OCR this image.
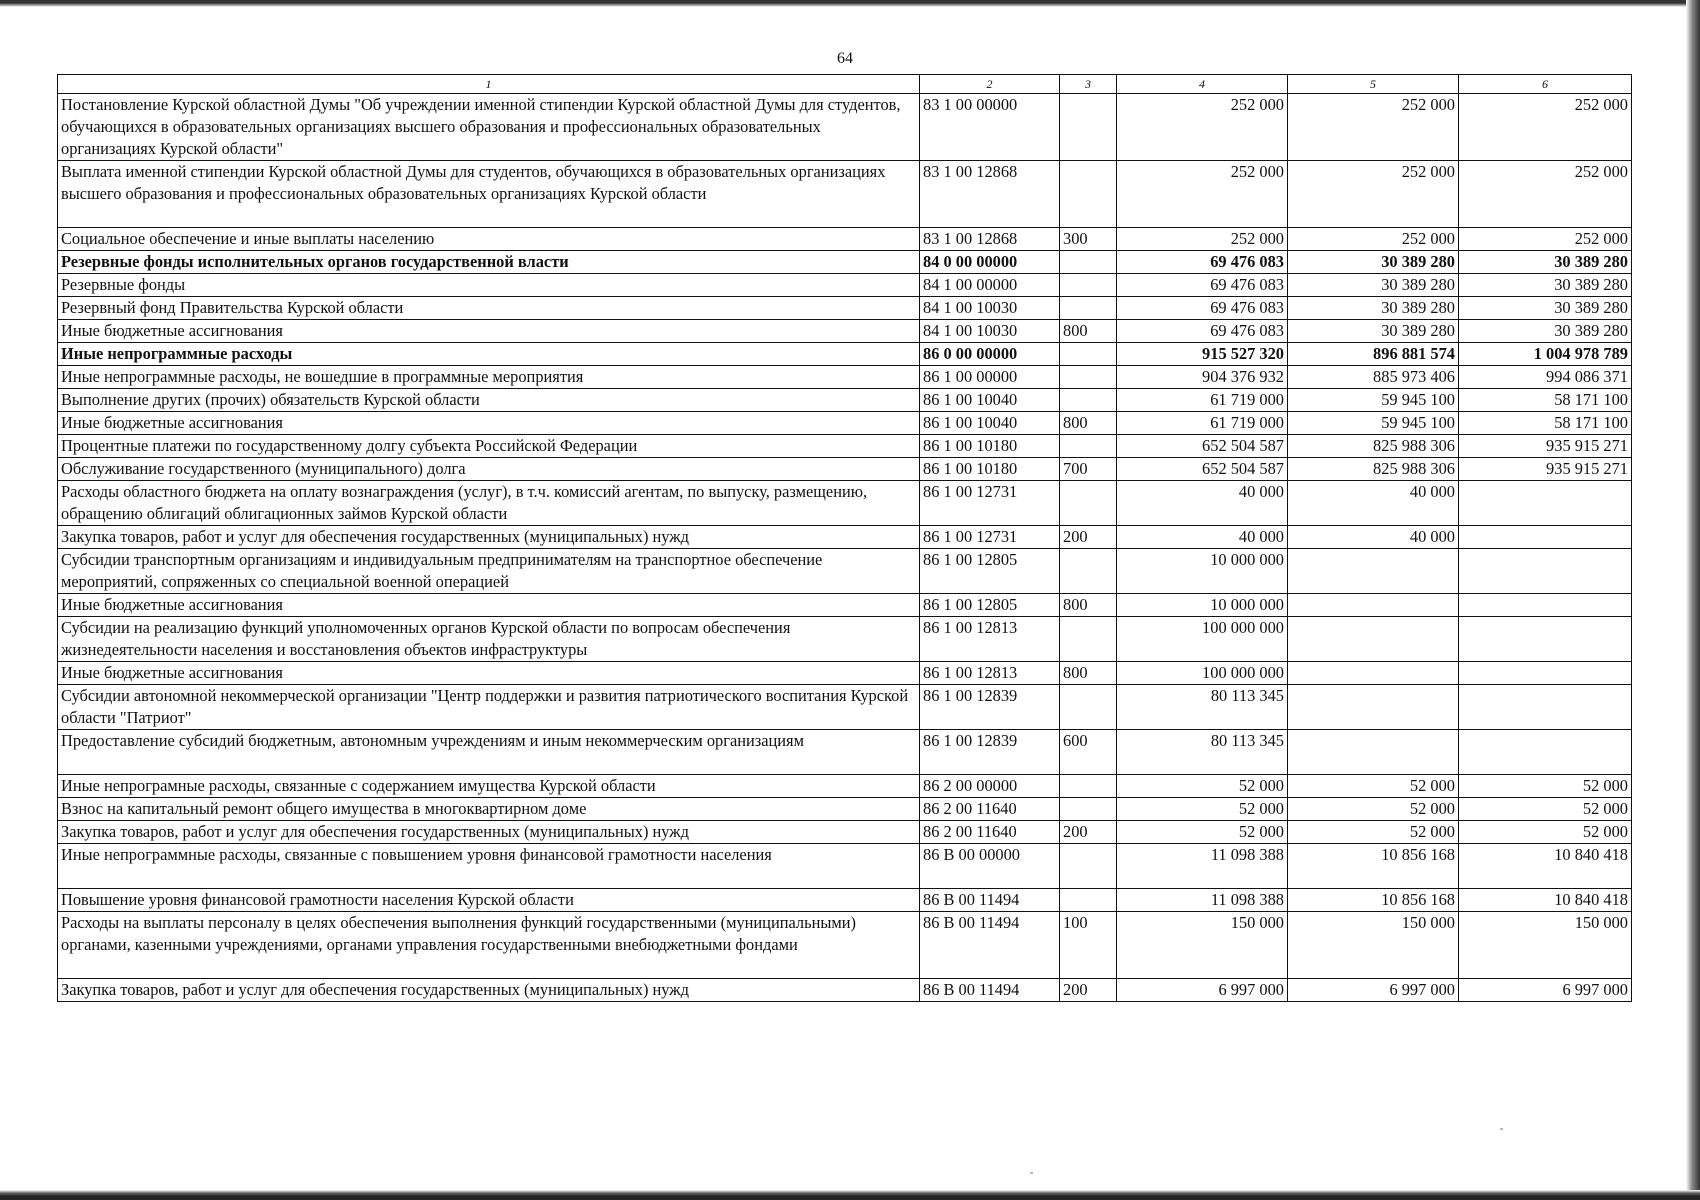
64
1	2	3	4	5	6
Постановление Курской областной Думы "Об учреждении именной стипендии Курской областной Думы для студентов, обучающихся в образовательных организациях высшего образования и профессиональных образовательных организациях Курской области"	83 1 00 00000		252 000	252 000	252 000
Выплата именной стипендии Курской областной Думы для студентов, обучающихся в образовательных организациях высшего образования и профессиональных образовательных организациях Курской области	83 1 00 12868		252 000	252 000	252 000
Социальное обеспечение и иные выплаты населению	83 1 00 12868	300	252 000	252 000	252 000
Резервные фонды исполнительных органов государственной власти	84 0 00 00000		69 476 083	30 389 280	30 389 280
Резервные фонды	84 1 00 00000		69 476 083	30 389 280	30 389 280
Резервный фонд Правительства Курской области	84 1 00 10030		69 476 083	30 389 280	30 389 280
Иные бюджетные ассигнования	84 1 00 10030	800	69 476 083	30 389 280	30 389 280
Иные непрограммные расходы	86 0 00 00000		915 527 320	896 881 574	1 004 978 789
Иные непрограммные расходы, не вошедшие в программные мероприятия	86 1 00 00000		904 376 932	885 973 406	994 086 371
Выполнение других (прочих) обязательств Курской области	86 1 00 10040		61 719 000	59 945 100	58 171 100
Иные бюджетные ассигнования	86 1 00 10040	800	61 719 000	59 945 100	58 171 100
Процентные платежи по государственному долгу субъекта Российской Федерации	86 1 00 10180		652 504 587	825 988 306	935 915 271
Обслуживание государственного (муниципального) долга	86 1 00 10180	700	652 504 587	825 988 306	935 915 271
Расходы областного бюджета на оплату вознаграждения (услуг), в т.ч. комиссий агентам, по выпуску, размещению, обращению облигаций облигационных займов Курской области	86 1 00 12731		40 000	40 000	
Закупка товаров, работ и услуг для обеспечения государственных (муниципальных) нужд	86 1 00 12731	200	40 000	40 000	
Субсидии транспортным организациям и индивидуальным предпринимателям на транспортное обеспечение мероприятий, сопряженных со специальной военной операцией	86 1 00 12805		10 000 000		
Иные бюджетные ассигнования	86 1 00 12805	800	10 000 000		
Субсидии на реализацию функций уполномоченных органов Курской области по вопросам обеспечения жизнедеятельности населения и восстановления объектов инфраструктуры	86 1 00 12813		100 000 000		
Иные бюджетные ассигнования	86 1 00 12813	800	100 000 000		
Субсидии автономной некоммерческой организации "Центр поддержки и развития патриотического воспитания Курской области "Патриот"	86 1 00 12839		80 113 345		
Предоставление субсидий бюджетным, автономным учреждениям и иным некоммерческим организациям	86 1 00 12839	600	80 113 345		
Иные непрограмные расходы, связанные с содержанием имущества Курской области	86 2 00 00000		52 000	52 000	52 000
Взнос на капитальный ремонт общего имущества в многоквартирном доме	86 2 00 11640		52 000	52 000	52 000
Закупка товаров, работ и услуг для обеспечения государственных (муниципальных) нужд	86 2 00 11640	200	52 000	52 000	52 000
Иные непрограммные расходы, связанные с повышением уровня финансовой грамотности населения	86 В 00 00000		11 098 388	10 856 168	10 840 418
Повышение уровня финансовой грамотности населения Курской области	86 В 00 11494		11 098 388	10 856 168	10 840 418
Расходы на выплаты персоналу в целях обеспечения выполнения функций государственными (муниципальными) органами, казенными учреждениями, органами управления государственными внебюджетными фондами	86 В 00 11494	100	150 000	150 000	150 000
Закупка товаров, работ и услуг для обеспечения государственных (муниципальных) нужд	86 В 00 11494	200	6 997 000	6 997 000	6 997 000
